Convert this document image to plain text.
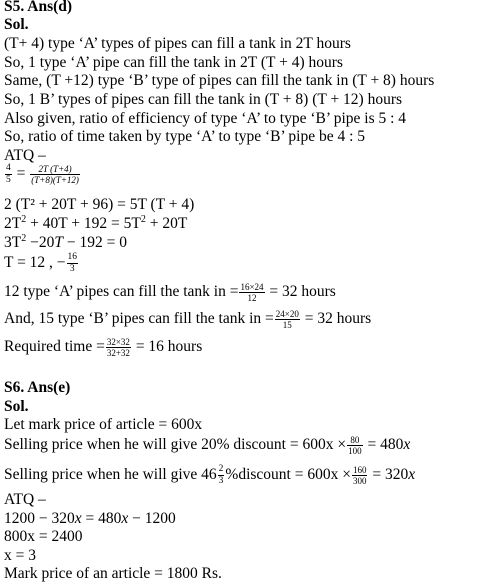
S5. Ans(d)
Sol.
(T+ 4) type ‘A’ types of pipes can fill a tank in 2T hours
So, 1 type ‘A’ pipe can fill the tank in 2T (T + 4) hours
Same, (T +12) type ‘B’ type of pipes can fill the tank in (T + 8) hours
So, 1 B’ types of pipes can fill the tank in (T + 8) (T + 12) hours
Also given, ratio of efficiency of type ‘A’ to type ‘B’ pipe is 5 : 4
So, ratio of time taken by type ‘A’ to type ‘B’ pipe be 4 : 5
ATQ –
$\frac{4}{5} = \frac{2T (T+4)}{(T+8)(T+12)}$
2 (T² + 20T + 96) = 5T (T + 4)
$2T^2 + 40T + 192 = 5T^2 + 20T$
$3T^2 -20T - 192 = 0$
T = 12 , − $\frac{16}{3}$
12 type ‘A’ pipes can fill the tank in = $\frac{16\times 24}{12} = 32$ hours
And, 15 type ‘B’ pipes can fill the tank in = $\frac{24\times 20}{15} = 32$ hours
Required time = $\frac{32\times 32}{32+32} = 16$ hours
S6. Ans(e)
Sol.
Let mark price of article = 600x
Selling price when he will give 20% discount = $600x \times \frac{80}{100} = 480x$
Selling price when he will give $46 \frac{2}{3}$ %discount = $600x \times \frac{160}{300} = 320x$
ATQ –
1200 − 320x = 480x − 1200
800x = 2400
x = 3
Mark price of an article = 1800 Rs.
